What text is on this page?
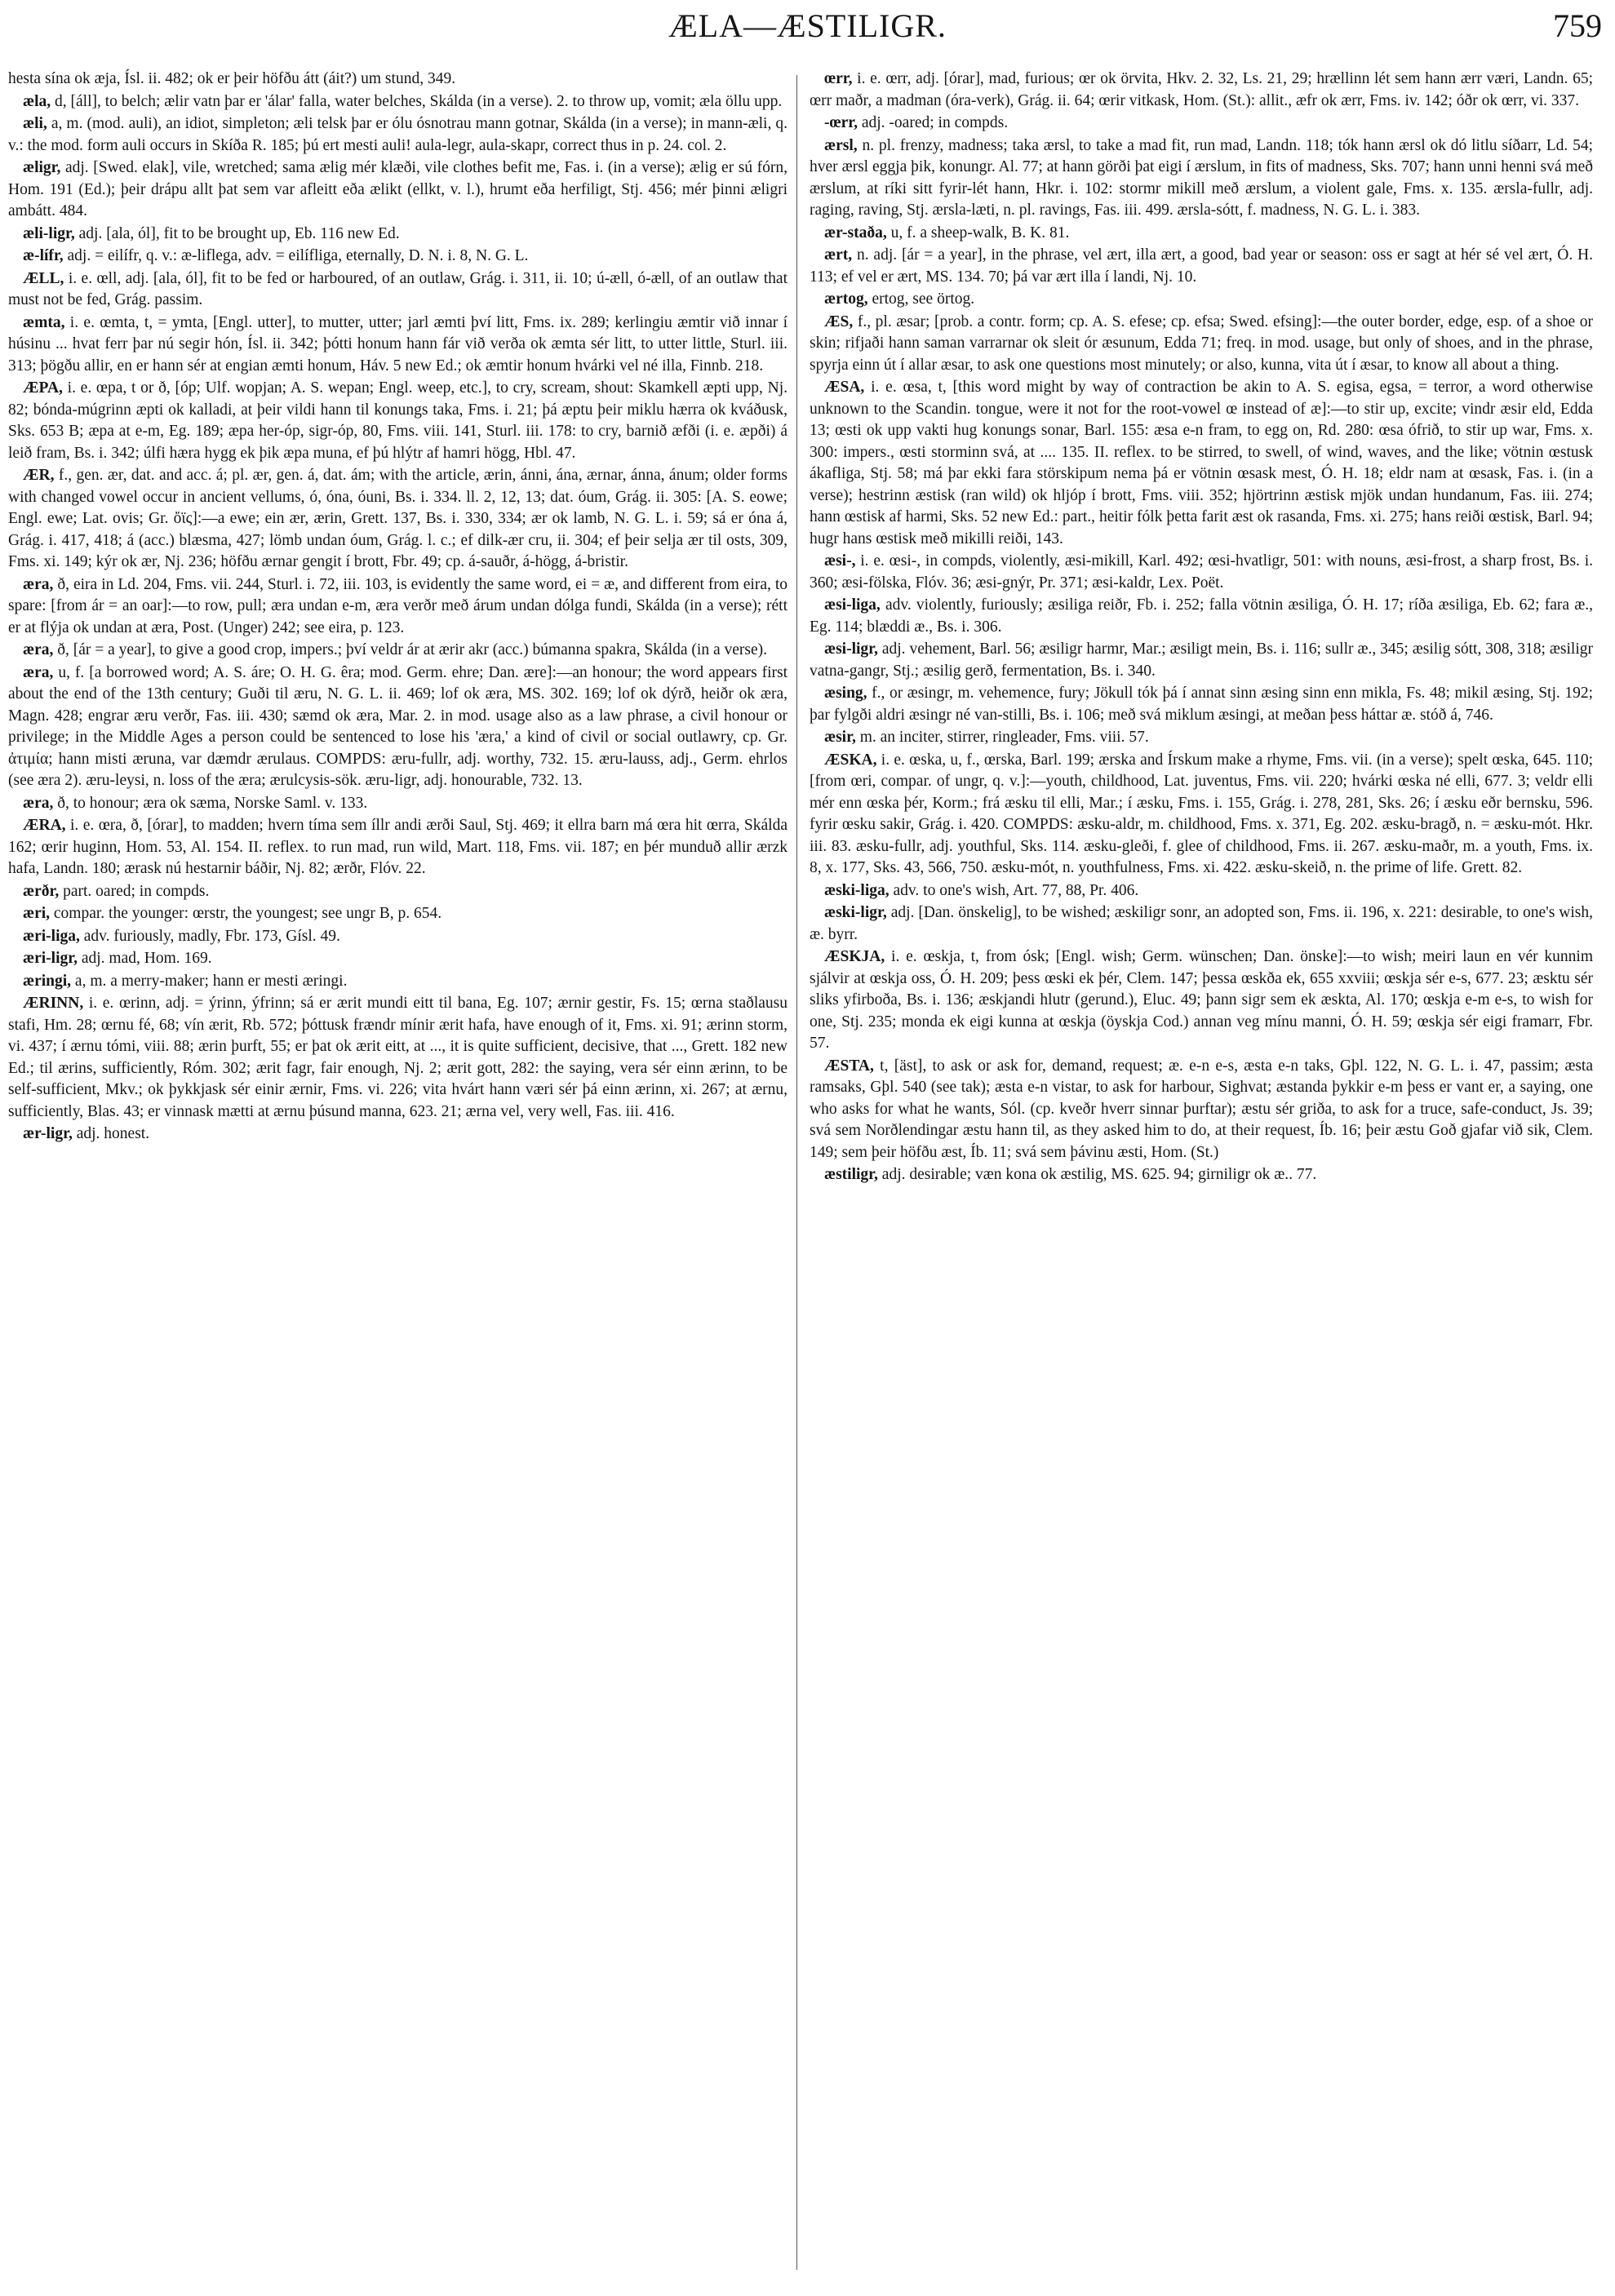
ÆLA—ÆSTILIGR.	759

hesta sína ok æja, Ísl. ii. 482; ok er þeir höfðu átt (áit?) um stund, 349.

æla, d, [áll], to belch; ælir vatn þar er 'álar' falla, water belches, Skálda (in a verse). 2. to throw up, vomit; æla öllu upp.

æli, a, m. (mod. auli), an idiot, simpleton; æli telsk þar er ólu ósnotrau mann gotnar, Skálda (in a verse); in mann-æli, q. v.: the mod. form auli occurs in Skíða R. 185; þú ert mesti auli! aula-legr, aula-skapr, correct thus in p. 24. col. 2.

æligr, adj. [Swed. elak], vile, wretched; sama ælig mér klæði, vile clothes befit me, Fas. i. (in a verse); ælig er sú fórn, Hom. 191 (Ed.); þeir drápu allt þat sem var afleitt eða ælikt (ellkt, v. l.), hrumt eða herfiligt, Stj. 456; mér þinni æligri ambátt. 484.

æli-ligr, adj. [ala, ól], fit to be brought up, Eb. 116 new Ed.

æ-lífr, adj. = eilífr, q. v.: æ-liflega, adv. = eilífliga, eternally, D. N. i. 8, N. G. L.

ÆLL, i. e. œll, adj. [ala, ól], fit to be fed or harboured, of an outlaw, Grág. i. 311, ii. 10; ú-æll, ó-æll, of an outlaw that must not be fed, Grág. passim.

æmta, i. e. œmta, t, = ymta, [Engl. utter], to mutter, utter; jarl æmti því litt, Fms. ix. 289; kerlingiu æmtir við innar í húsinu ... hvat ferr þar nú segir hón, Ísl. ii. 342; þótti honum hann fár við verða ok æmta sér litt, to utter little, Sturl. iii. 313; þögðu allir, en er hann sér at engian æmti honum, Háv. 5 new Ed.; ok æmtir honum hvárki vel né illa, Finnb. 218.

ÆPA, i. e. œpa, t or ð, [óp; Ulf. wopjan; A. S. wepan; Engl. weep, etc.], to cry, scream, shout: Skamkell æpti upp, Nj. 82; bónda-múgrinn æpti ok kalladi, at þeir vildi hann til konungs taka, Fms. i. 21; þá æptu þeir miklu hærra ok kváðusk, Sks. 653 B; æpa at e-m, Eg. 189; æpa her-óp, sigr-óp, 80, Fms. viii. 141, Sturl. iii. 178: to cry, barnið æfði (i. e. æpði) á leið fram, Bs. i. 342; úlfi hæra hygg ek þik æpa muna, ef þú hlýtr af hamri högg, Hbl. 47.

ÆR, f., gen. ær, dat. and acc. á; pl. ær, gen. á, dat. ám; with the article, ærin, ánni, ána, ærnar, ánna, ánum; older forms with changed vowel occur in ancient vellums, ó, óna, óuni, Bs. i. 334. ll. 2, 12, 13; dat. óum, Grág. ii. 305: [A. S. eowe; Engl. ewe; Lat. ovis; Gr. ὄϊς]:—a ewe; ein ær, ærin, Grett. 137, Bs. i. 330, 334; ær ok lamb, N. G. L. i. 59; sá er óna á, Grág. i. 417, 418; á (acc.) blæsma, 427; lömb undan óum, Grág. l. c.; ef dilk-ær cru, ii. 304; ef þeir selja ær til osts, 309, Fms. xi. 149; kýr ok ær, Nj. 236; höfðu ærnar gengit í brott, Fbr. 49; cp. á-sauðr, á-högg, á-bristir.

æra, ð, eira in Ld. 204, Fms. vii. 244, Sturl. i. 72, iii. 103, is evidently the same word, ei = æ, and different from eira, to spare: [from ár = an oar]:—to row, pull; æra undan e-m, æra verðr með árum undan dólga fundi, Skálda (in a verse); rétt er at flýja ok undan at æra, Post. (Unger) 242; see eira, p. 123.

æra, ð, [ár = a year], to give a good crop, impers.; því veldr ár at ærir akr (acc.) búmanna spakra, Skálda (in a verse).

æra, u, f. [a borrowed word; A. S. áre; O. H. G. êra; mod. Germ. ehre; Dan. ære]:—an honour; the word appears first about the end of the 13th century; Guði til æru, N. G. L. ii. 469; lof ok æra, MS. 302. 169; lof ok dýrð, heiðr ok æra, Magn. 428; engrar æru verðr, Fas. iii. 430; sæmd ok æra, Mar. 2. in mod. usage also as a law phrase, a civil honour or privilege; in the Middle Ages a person could be sentenced to lose his 'æra,' a kind of civil or social outlawry, cp. Gr. ἀτιμία; hann misti æruna, var dæmdr ærulaus. COMPDS: æru-fullr, adj. worthy, 732. 15. æru-lauss, adj., Germ. ehrlos (see æra 2). æru-leysi, n. loss of the æra; ærulcysis-sök. æru-ligr, adj. honourable, 732. 13.

æra, ð, to honour; æra ok sæma, Norske Saml. v. 133.

ÆRA, i. e. œra, ð, [órar], to madden; hvern tíma sem íllr andi ærði Saul, Stj. 469; it ellra barn má œra hit œrra, Skálda 162; œrir huginn, Hom. 53, Al. 154. II. reflex. to run mad, run wild, Mart. 118, Fms. vii. 187; en þér munduð allir ærzk hafa, Landn. 180; ærask nú hestarnir báðir, Nj. 82; ærðr, Flóv. 22.

ærðr, part. oared; in compds.

æri, compar. the younger: œrstr, the youngest; see ungr B, p. 654.

æri-liga, adv. furiously, madly, Fbr. 173, Gísl. 49.

æri-ligr, adj. mad, Hom. 169.

æringi, a, m. a merry-maker; hann er mesti æringi.

ÆRINN, i. e. œrinn, adj. = ýrinn, ýfrinn; sá er ærit mundi eitt til bana, Eg. 107; ærnir gestir, Fs. 15; œrna staðlausu stafi, Hm. 28; œrnu fé, 68; vín ærit, Rb. 572; þóttusk frændr mínir ærit hafa, have enough of it, Fms. xi. 91; ærinn storm, vi. 437; í ærnu tómi, viii. 88; ærin þurft, 55; er þat ok ærit eitt, at ..., it is quite sufficient, decisive, that ..., Grett. 182 new Ed.; til ærins, sufficiently, Róm. 302; ærit fagr, fair enough, Nj. 2; ærit gott, 282: the saying, vera sér einn ærinn, to be self-sufficient, Mkv.; ok þykkjask sér einir ærnir, Fms. vi. 226; vita hvárt hann væri sér þá einn ærinn, xi. 267; at ærnu, sufficiently, Blas. 43; er vinnask mætti at ærnu þúsund manna, 623. 21; ærna vel, very well, Fas. iii. 416.

ær-ligr, adj. honest.

œrr, i. e. œrr, adj. [órar], mad, furious; œr ok örvita, Hkv. 2. 32, Ls. 21, 29; hrællinn lét sem hann ærr væri, Landn. 65; œrr maðr, a madman (óra-verk), Grág. ii. 64; œrir vitkask, Hom. (St.): allit., æfr ok ærr, Fms. iv. 142; óðr ok œrr, vi. 337.

-œrr, adj. -oared; in compds.

ærsl, n. pl. frenzy, madness; taka ærsl, to take a mad fit, run mad, Landn. 118; tók hann ærsl ok dó litlu síðarr, Ld. 54; hver ærsl eggja þik, konungr. Al. 77; at hann görði þat eigi í ærslum, in fits of madness, Sks. 707; hann unni henni svá með ærslum, at ríki sitt fyrir-lét hann, Hkr. i. 102: stormr mikill með ærslum, a violent gale, Fms. x. 135. ærsla-fullr, adj. raging, raving, Stj. ærsla-læti, n. pl. ravings, Fas. iii. 499. ærsla-sótt, f. madness, N. G. L. i. 383.

ær-staða, u, f. a sheep-walk, B. K. 81.

ært, n. adj. [ár = a year], in the phrase, vel ært, illa ært, a good, bad year or season: oss er sagt at hér sé vel ært, Ó. H. 113; ef vel er ært, MS. 134. 70; þá var ært illa í landi, Nj. 10.

ærtog, ertog, see örtog.

ÆS, f., pl. æsar; [prob. a contr. form; cp. A. S. efese; cp. efsa; Swed. efsing]:—the outer border, edge, esp. of a shoe or skin; rifjaði hann saman varrarnar ok sleit ór æsunum, Edda 71; freq. in mod. usage, but only of shoes, and in the phrase, spyrja einn út í allar æsar, to ask one questions most minutely; or also, kunna, vita út í æsar, to know all about a thing.

ÆSA, i. e. œsa, t, [this word might by way of contraction be akin to A. S. egisa, egsa, = terror, a word otherwise unknown to the Scandin. tongue, were it not for the root-vowel œ instead of æ]:—to stir up, excite; vindr æsir eld, Edda 13; œsti ok upp vakti hug konungs sonar, Barl. 155: æsa e-n fram, to egg on, Rd. 280: œsa ófrið, to stir up war, Fms. x. 300: impers., œsti storminn svá, at .... 135. II. reflex. to be stirred, to swell, of wind, waves, and the like; vötnin œstusk ákafliga, Stj. 58; má þar ekki fara störskipum nema þá er vötnin œsask mest, Ó. H. 18; eldr nam at œsask, Fas. i. (in a verse); hestrinn æstisk (ran wild) ok hljóp í brott, Fms. viii. 352; hjörtrinn æstisk mjök undan hundanum, Fas. iii. 274; hann œstisk af harmi, Sks. 52 new Ed.: part., heitir fólk þetta farit æst ok rasanda, Fms. xi. 275; hans reiði œstisk, Barl. 94; hugr hans œstisk með mikilli reiði, 143.

æsi-, i. e. œsi-, in compds, violently, æsi-mikill, Karl. 492; œsi-hvatligr, 501: with nouns, æsi-frost, a sharp frost, Bs. i. 360; æsi-fölska, Flóv. 36; æsi-gnýr, Pr. 371; æsi-kaldr, Lex. Poët.

æsi-liga, adv. violently, furiously; æsiliga reiðr, Fb. i. 252; falla vötnin æsiliga, Ó. H. 17; ríða æsiliga, Eb. 62; fara æ., Eg. 114; blæddi æ., Bs. i. 306.

æsi-ligr, adj. vehement, Barl. 56; æsiligr harmr, Mar.; æsiligt mein, Bs. i. 116; sullr æ., 345; æsilig sótt, 308, 318; æsiligr vatna-gangr, Stj.; æsilig gerð, fermentation, Bs. i. 340.

æsing, f., or æsingr, m. vehemence, fury; Jökull tók þá í annat sinn æsing sinn enn mikla, Fs. 48; mikil æsing, Stj. 192; þar fylgði aldri æsingr né van-stilli, Bs. i. 106; með svá miklum æsingi, at meðan þess háttar æ. stóð á, 746.

æsir, m. an inciter, stirrer, ringleader, Fms. viii. 57.

ÆSKA, i. e. œska, u, f., œrska, Barl. 199; ærska and Írskum make a rhyme, Fms. vii. (in a verse); spelt œska, 645. 110; [from œri, compar. of ungr, q. v.]:—youth, childhood, Lat. juventus, Fms. vii. 220; hvárki œska né elli, 677. 3; veldr elli mér enn œska þér, Korm.; frá æsku til elli, Mar.; í æsku, Fms. i. 155, Grág. i. 278, 281, Sks. 26; í æsku eðr bernsku, 596. fyrir œsku sakir, Grág. i. 420. COMPDS: æsku-aldr, m. childhood, Fms. x. 371, Eg. 202. æsku-bragð, n. = æsku-mót. Hkr. iii. 83. æsku-fullr, adj. youthful, Sks. 114. æsku-gleði, f. glee of childhood, Fms. ii. 267. æsku-maðr, m. a youth, Fms. ix. 8, x. 177, Sks. 43, 566, 750. æsku-mót, n. youthfulness, Fms. xi. 422. æsku-skeið, n. the prime of life. Grett. 82.

æski-liga, adv. to one's wish, Art. 77, 88, Pr. 406.

æski-ligr, adj. [Dan. önskelig], to be wished; æskiligr sonr, an adopted son, Fms. ii. 196, x. 221: desirable, to one's wish, æ. byrr.

ÆSKJA, i. e. œskja, t, from ósk; [Engl. wish; Germ. wünschen; Dan. önske]:—to wish; meiri laun en vér kunnim sjálvir at œskja oss, Ó. H. 209; þess œski ek þér, Clem. 147; þessa œskða ek, 655 xxviii; œskja sér e-s, 677. 23; æsktu sér sliks yfirboða, Bs. i. 136; æskjandi hlutr (gerund.), Eluc. 49; þann sigr sem ek æskta, Al. 170; œskja e-m e-s, to wish for one, Stj. 235; monda ek eigi kunna at œskja (öyskja Cod.) annan veg mínu manni, Ó. H. 59; œskja sér eigi framarr, Fbr. 57.

ÆSTA, t, [äst], to ask or ask for, demand, request; æ. e-n e-s, æsta e-n taks, Gþl. 122, N. G. L. i. 47, passim; æsta ramsaks, Gþl. 540 (see tak); æsta e-n vistar, to ask for harbour, Sighvat; æstanda þykkir e-m þess er vant er, a saying, one who asks for what he wants, Sól. (cp. kveðr hverr sinnar þurftar); æstu sér griða, to ask for a truce, safe-conduct, Js. 39; svá sem Norðlendingar æstu hann til, as they asked him to do, at their request, Íb. 16; þeir æstu Goð gjafar við sik, Clem. 149; sem þeir höfðu æst, Íb. 11; svá sem þávinu æsti, Hom. (St.)

æstiligr, adj. desirable; væn kona ok æstilig, MS. 625. 94; girniligr ok æ.. 77.
